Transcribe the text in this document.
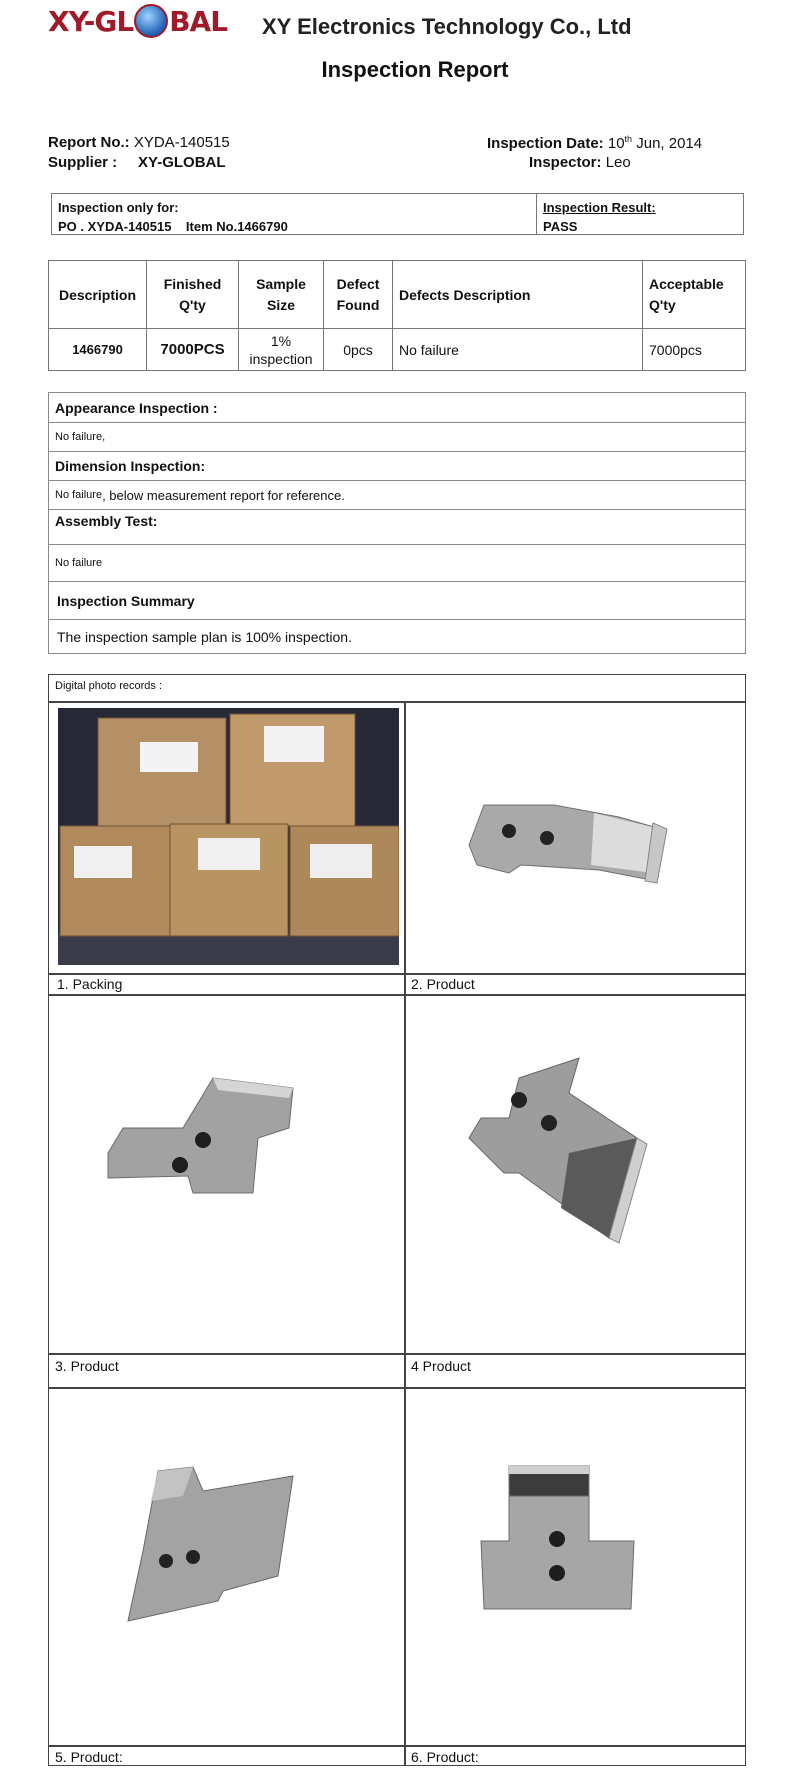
XY-GL BAL XY Electronics Technology Co., Ltd
Inspection Report
Report No.: XYDA-140515
Supplier : XY-GLOBAL
Inspection Date: 10th Jun, 2014
Inspector: Leo
Inspection only for:
PO . XYDA-140515 Item No.1466790
Inspection Result:
PASS
Description	Finished Q'ty	Sample Size	Defect Found	Defects Description	Acceptable Q'ty
1466790	7000PCS	1% inspection	0pcs	No failure	7000pcs
Appearance Inspection :
No failure,
Dimension Inspection:
No failure , below measurement report for reference.
Assembly Test:
No failure
Inspection Summary
The inspection sample plan is 100% inspection.
Digital photo records :
1. Packing	2. Product
3. Product	4 Product
5. Product:	6. Product:
